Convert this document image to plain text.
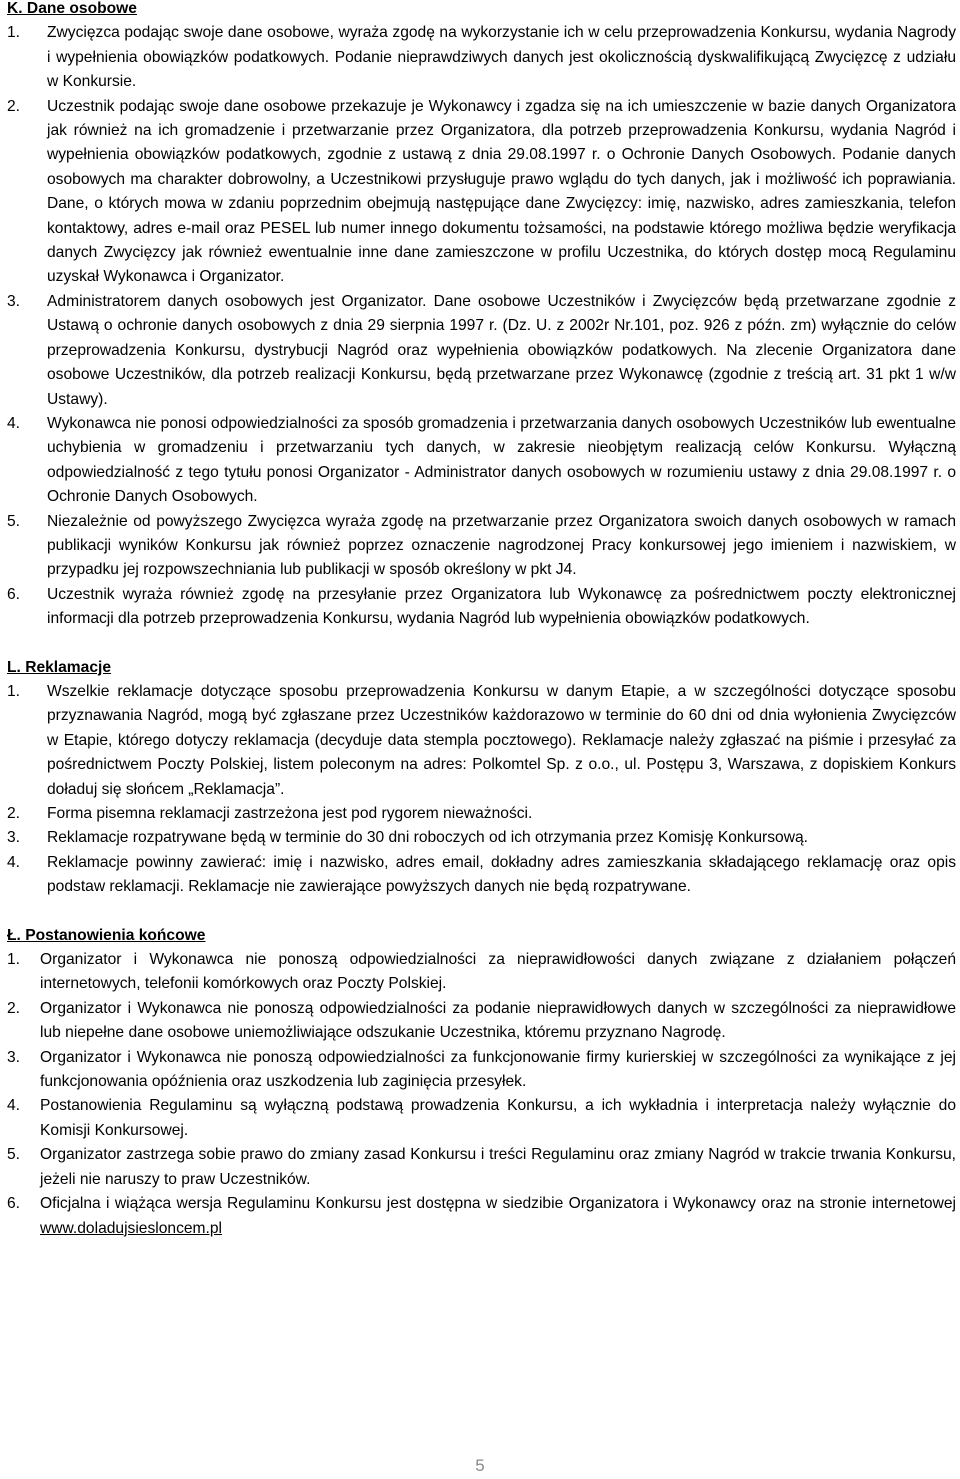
K. Dane osobowe

1. Zwycięzca podając swoje dane osobowe, wyraża zgodę na wykorzystanie ich w celu przeprowadzenia Konkursu, wydania Nagrody i wypełnienia obowiązków podatkowych. Podanie nieprawdziwych danych jest okolicznością dyskwalifikującą Zwycięzcę z udziału w Konkursie.
2. Uczestnik podając swoje dane osobowe przekazuje je Wykonawcy i zgadza się na ich umieszczenie w bazie danych Organizatora jak również na ich gromadzenie i przetwarzanie przez Organizatora, dla potrzeb przeprowadzenia Konkursu, wydania Nagród i wypełnienia obowiązków podatkowych, zgodnie z ustawą z dnia 29.08.1997 r. o Ochronie Danych Osobowych. Podanie danych osobowych ma charakter dobrowolny, a Uczestnikowi przysługuje prawo wglądu do tych danych, jak i możliwość ich poprawiania. Dane, o których mowa w zdaniu poprzednim obejmują następujące dane Zwycięzcy: imię, nazwisko, adres zamieszkania, telefon kontaktowy, adres e-mail oraz PESEL lub numer innego dokumentu tożsamości, na podstawie którego możliwa będzie weryfikacja danych Zwycięzcy jak również ewentualnie inne dane zamieszczone w profilu Uczestnika, do których dostęp mocą Regulaminu uzyskał Wykonawca i Organizator.
3. Administratorem danych osobowych jest Organizator. Dane osobowe Uczestników i Zwycięzców będą przetwarzane zgodnie z Ustawą o ochronie danych osobowych z dnia 29 sierpnia 1997 r. (Dz. U. z 2002r Nr.101, poz. 926 z późn. zm) wyłącznie do celów przeprowadzenia Konkursu, dystrybucji Nagród oraz wypełnienia obowiązków podatkowych. Na zlecenie Organizatora dane osobowe Uczestników, dla potrzeb realizacji Konkursu, będą przetwarzane przez Wykonawcę (zgodnie z treścią art. 31 pkt 1 w/w Ustawy).
4. Wykonawca nie ponosi odpowiedzialności za sposób gromadzenia i przetwarzania danych osobowych Uczestników lub ewentualne uchybienia w gromadzeniu i przetwarzaniu tych danych, w zakresie nieobjętym realizacją celów Konkursu. Wyłączną odpowiedzialność z tego tytułu ponosi Organizator - Administrator danych osobowych w rozumieniu ustawy z dnia 29.08.1997 r. o Ochronie Danych Osobowych.
5. Niezależnie od powyższego Zwycięzca wyraża zgodę na przetwarzanie przez Organizatora swoich danych osobowych w ramach publikacji wyników Konkursu jak również poprzez oznaczenie nagrodzonej Pracy konkursowej jego imieniem i nazwiskiem, w przypadku jej rozpowszechniania lub publikacji w sposób określony w pkt J4.
6. Uczestnik wyraża również zgodę na przesyłanie przez Organizatora lub Wykonawcę za pośrednictwem poczty elektronicznej informacji dla potrzeb przeprowadzenia Konkursu, wydania Nagród lub wypełnienia obowiązków podatkowych.

L. Reklamacje

1. Wszelkie reklamacje dotyczące sposobu przeprowadzenia Konkursu w danym Etapie, a w szczególności dotyczące sposobu przyznawania Nagród, mogą być zgłaszane przez Uczestników każdorazowo w terminie do 60 dni od dnia wyłonienia Zwycięzców w Etapie, którego dotyczy reklamacja (decyduje data stempla pocztowego). Reklamacje należy zgłaszać na piśmie i przesyłać za pośrednictwem Poczty Polskiej, listem poleconym na adres: Polkomtel Sp. z o.o., ul. Postępu 3, Warszawa, z dopiskiem Konkurs doładuj się słońcem „Reklamacja”.
2. Forma pisemna reklamacji zastrzeżona jest pod rygorem nieważności.
3. Reklamacje rozpatrywane będą w terminie do 30 dni roboczych od ich otrzymania przez Komisję Konkursową.
4. Reklamacje powinny zawierać: imię i nazwisko, adres email, dokładny adres zamieszkania składającego reklamację oraz opis podstaw reklamacji. Reklamacje nie zawierające powyższych danych nie będą rozpatrywane.

Ł. Postanowienia końcowe

1. Organizator i Wykonawca nie ponoszą odpowiedzialności za nieprawidłowości danych związane z działaniem połączeń internetowych, telefonii komórkowych oraz Poczty Polskiej.
2. Organizator i Wykonawca nie ponoszą odpowiedzialności za podanie nieprawidłowych danych w szczególności za nieprawidłowe lub niepełne dane osobowe uniemożliwiające odszukanie Uczestnika, któremu przyznano Nagrodę.
3. Organizator i Wykonawca nie ponoszą odpowiedzialności za funkcjonowanie firmy kurierskiej w szczególności za wynikające z jej funkcjonowania opóźnienia oraz uszkodzenia lub zaginięcia przesyłek.
4. Postanowienia Regulaminu są wyłączną podstawą prowadzenia Konkursu, a ich wykładnia i interpretacja należy wyłącznie do Komisji Konkursowej.
5. Organizator zastrzega sobie prawo do zmiany zasad Konkursu i treści Regulaminu oraz zmiany Nagród w trakcie trwania Konkursu, jeżeli nie naruszy to praw Uczestników.
6. Oficjalna i wiążąca wersja Regulaminu Konkursu jest dostępna w siedzibie Organizatora i Wykonawcy oraz na stronie internetowej www.doladujsiesloncem.pl
5
